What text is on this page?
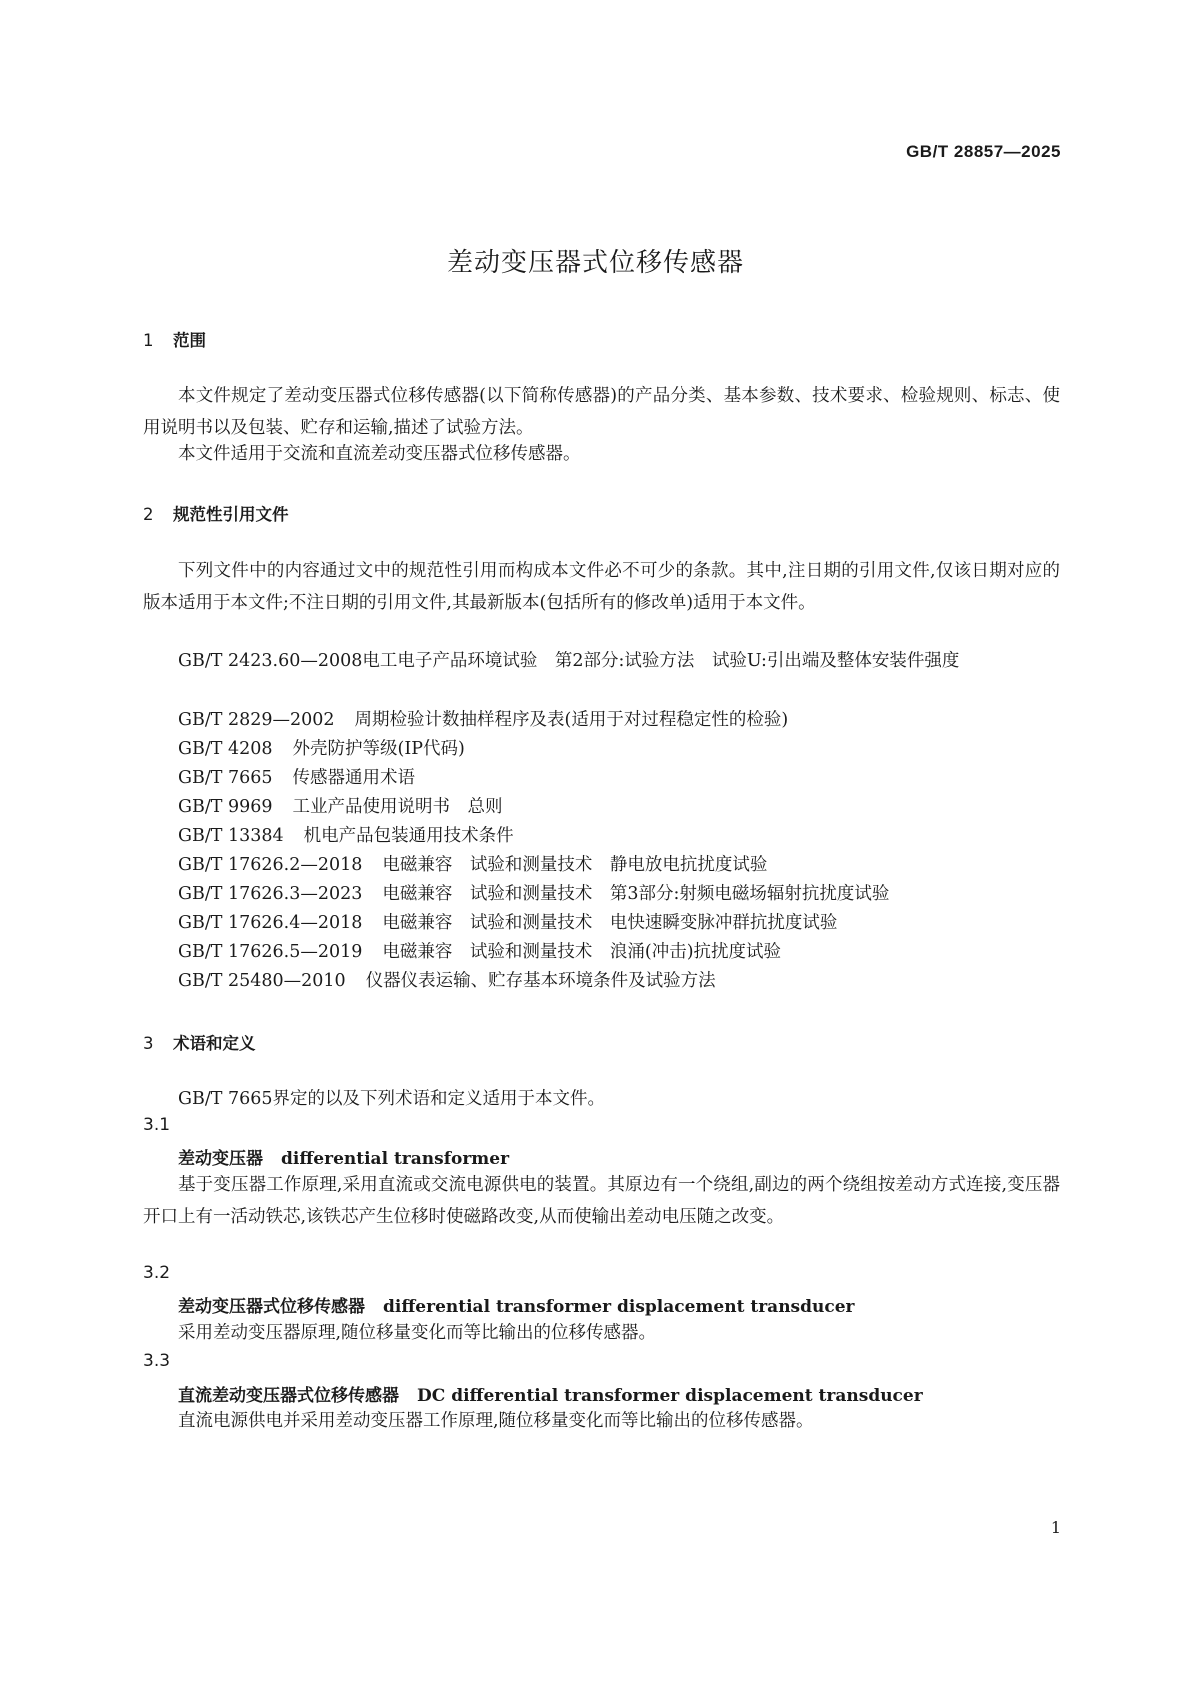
GB/T 28857—2025
差动变压器式位移传感器
1 范围
本文件规定了差动变压器式位移传感器(以下简称传感器)的产品分类、基本参数、技术要求、检验规则、标志、使用说明书以及包装、贮存和运输,描述了试验方法。
本文件适用于交流和直流差动变压器式位移传感器。
2 规范性引用文件
下列文件中的内容通过文中的规范性引用而构成本文件必不可少的条款。其中,注日期的引用文件,仅该日期对应的版本适用于本文件;不注日期的引用文件,其最新版本(包括所有的修改单)适用于本文件。
GB/T 2423.60—2008电工电子产品环境试验　第2部分:试验方法　试验U:引出端及整体安装件强度
GB/T 2829—2002 周期检验计数抽样程序及表(适用于对过程稳定性的检验)
GB/T 4208 外壳防护等级(IP代码)
GB/T 7665 传感器通用术语
GB/T 9969 工业产品使用说明书　总则
GB/T 13384 机电产品包装通用技术条件
GB/T 17626.2—2018 电磁兼容　试验和测量技术　静电放电抗扰度试验
GB/T 17626.3—2023 电磁兼容　试验和测量技术　第3部分:射频电磁场辐射抗扰度试验
GB/T 17626.4—2018 电磁兼容　试验和测量技术　电快速瞬变脉冲群抗扰度试验
GB/T 17626.5—2019 电磁兼容　试验和测量技术　浪涌(冲击)抗扰度试验
GB/T 25480—2010 仪器仪表运输、贮存基本环境条件及试验方法
3 术语和定义
GB/T 7665界定的以及下列术语和定义适用于本文件。
3.1
差动变压器 differential transformer
基于变压器工作原理,采用直流或交流电源供电的装置。其原边有一个绕组,副边的两个绕组按差动方式连接,变压器开口上有一活动铁芯,该铁芯产生位移时使磁路改变,从而使输出差动电压随之改变。
3.2
差动变压器式位移传感器 differential transformer displacement transducer
采用差动变压器原理,随位移量变化而等比输出的位移传感器。
3.3
直流差动变压器式位移传感器 DC differential transformer displacement transducer
直流电源供电并采用差动变压器工作原理,随位移量变化而等比输出的位移传感器。
1
